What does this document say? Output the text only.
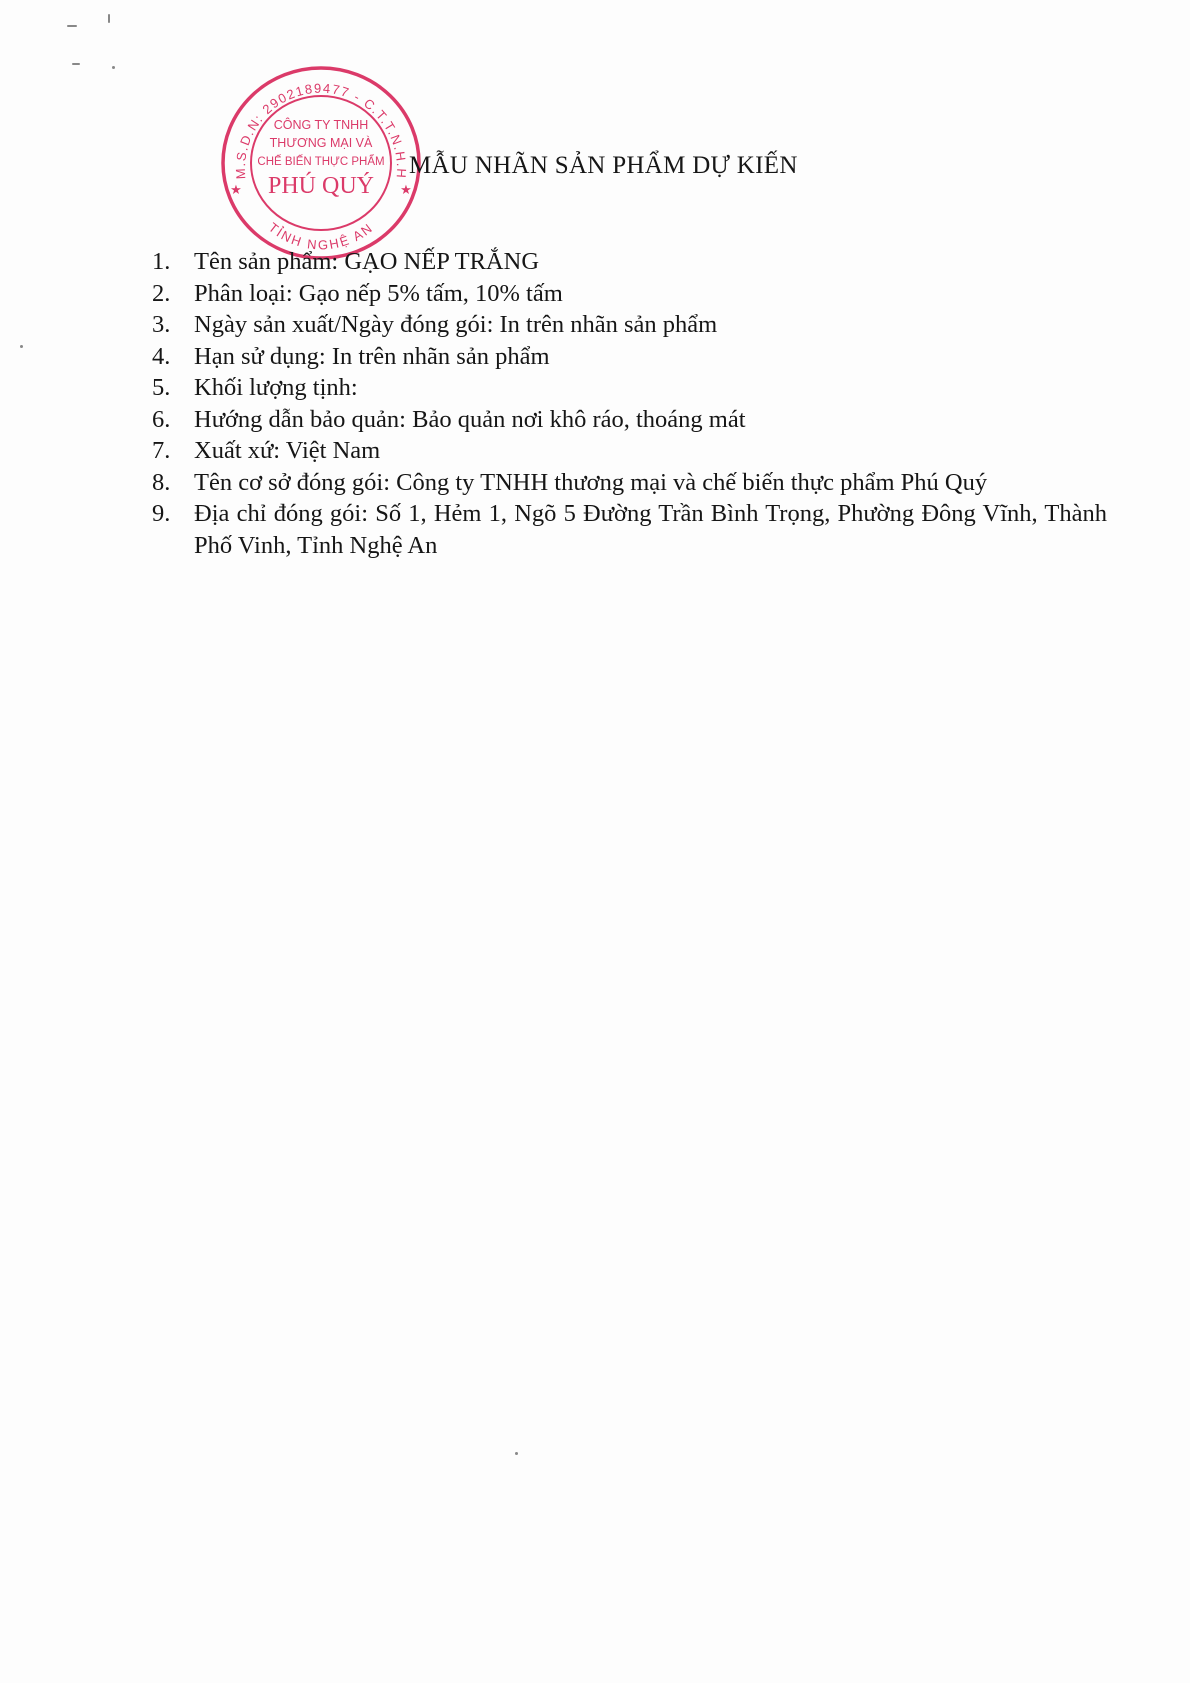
M.S.D.N: 2902189477 - C.T.T.N.H.H
TỈNH NGHỆ AN
CÔNG TY TNHH
THƯƠNG MẠI VÀ
CHẾ BIẾN THỰC PHẨM
PHÚ QUÝ
★	★
MẪU NHÃN SẢN PHẨM DỰ KIẾN
1. Tên sản phẩm: GẠO NẾP TRẮNG
2. Phân loại: Gạo nếp 5% tấm, 10% tấm
3. Ngày sản xuất/Ngày đóng gói: In trên nhãn sản phẩm
4. Hạn sử dụng: In trên nhãn sản phẩm
5. Khối lượng tịnh:
6. Hướng dẫn bảo quản: Bảo quản nơi khô ráo, thoáng mát
7. Xuất xứ: Việt Nam
8. Tên cơ sở đóng gói: Công ty TNHH thương mại và chế biến thực phẩm Phú Quý
9. Địa chỉ đóng gói: Số 1, Hẻm 1, Ngõ 5 Đường Trần Bình Trọng, Phường Đông Vĩnh, Thành Phố Vinh, Tỉnh Nghệ An
